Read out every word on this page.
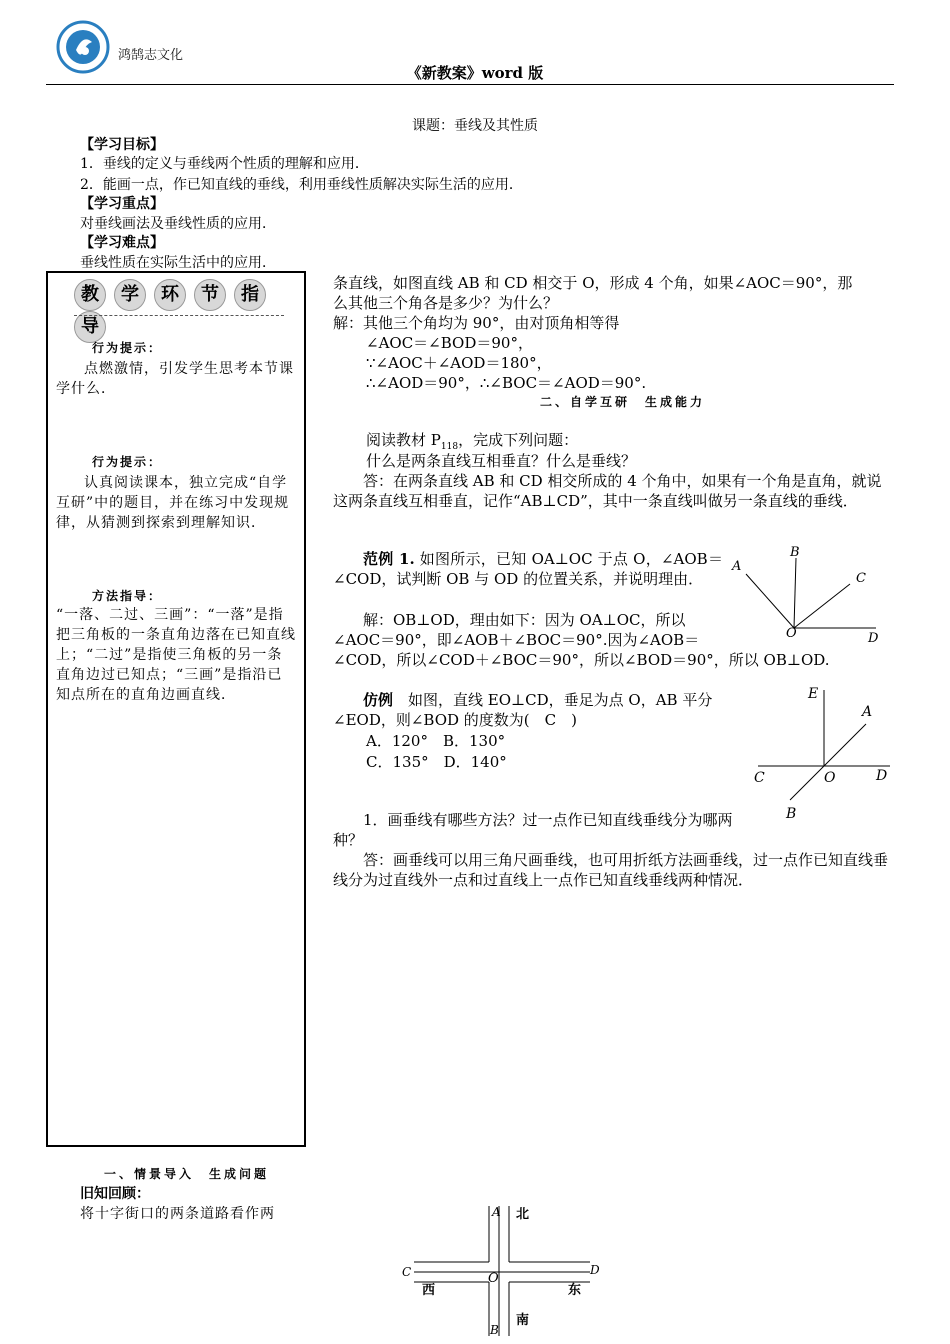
鸿鹄志文化
《新教案》word 版
课题：垂线及其性质
【学习目标】
1．垂线的定义与垂线两个性质的理解和应用．
2．能画一点，作已知直线的垂线，利用垂线性质解决实际生活的应用．
【学习重点】
对垂线画法及垂线性质的应用．
【学习难点】
垂线性质在实际生活中的应用．
教 学 环 节 指导
行为提示：

点燃激情，引发学生思考本节课学什么．

行为提示：

认真阅读课本，独立完成“自学互研”中的题目，并在练习中发现规律，从猜测到探索到理解知识．

方法指导：

“一落、二过、三画”：“一落”是指把三角板的一条直角边落在已知直线上；“二过”是指使三角板的另一条直角边过已知点；“三画”是指沿已知点所在的直角边画直线．

一、情景导入　生成问题
旧知回顾：
将十字街口的两条道路看作两
条直线，如图直线 AB 和 CD 相交于 O，形成 4 个角，如果∠AOC＝90°，那
么其他三个角各是多少？为什么？
解：其他三个角均为 90°，由对顶角相等得
∠AOC＝∠BOD＝90°，
∵∠AOC＋∠AOD＝180°，
∴∠AOD＝90°，∴∠BOC＝∠AOD＝90°.
二、自学互研　生成能力
阅读教材 $P_{118}$，完成下列问题：
什么是两条直线互相垂直？什么是垂线？

答：在两条直线 AB 和 CD 相交所成的 4 个角中，如果有一个角是直角，就说这两条直线互相垂直，记作“AB⊥CD”，其中一条直线叫做另一条直线的垂线．

范例 1. 如图所示，已知 OA⊥OC 于点 O，∠AOB＝∠COD，试判断 OB 与 OD 的位置关系，并说明理由．

解：OB⊥OD，理由如下：因为 OA⊥OC，所以∠AOC＝90°，即∠AOB＋∠BOC＝90°.因为∠AOB＝

∠COD，所以∠COD＋∠BOC＝90°，所以∠BOD＝90°，所以 OB⊥OD.

A
B
C
D
O

仿例　 如图，直线 EO⊥CD，垂足为点 O，AB 平分∠EOD，则∠BOD 的度数为(　C　)

A．120°　B．130°
C．135°　D．140°
E
A
C	O	D
B

1．画垂线有哪些方法？过一点作已知直线垂线分为哪两种？

答：画垂线可以用三角尺画垂线，也可用折纸方法画垂线，过一点作已知直线垂线分为过直线外一点和过直线上一点作已知直线垂线两种情况．

A 北
C	O
D
西	东
南
B
